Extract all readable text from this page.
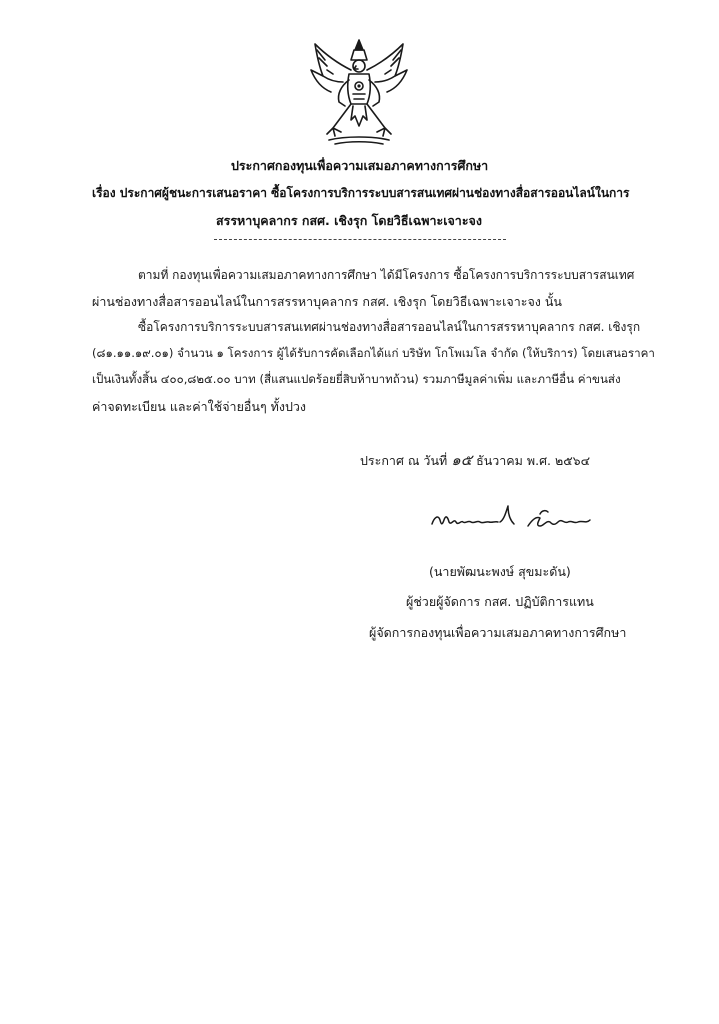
ประกาศกองทุนเพื่อความเสมอภาคทางการศึกษา
เรื่อง ประกาศผู้ชนะการเสนอราคา ซื้อโครงการบริการระบบสารสนเทศผ่านช่องทางสื่อสารออนไลน์ในการ
สรรหาบุคลากร กสศ. เชิงรุก โดยวิธีเฉพาะเจาะจง
ตามที่ กองทุนเพื่อความเสมอภาคทางการศึกษา ได้มีโครงการ ซื้อโครงการบริการระบบสารสนเทศ
ผ่านช่องทางสื่อสารออนไลน์ในการสรรหาบุคลากร กสศ. เชิงรุก โดยวิธีเฉพาะเจาะจง นั้น
ซื้อโครงการบริการระบบสารสนเทศผ่านช่องทางสื่อสารออนไลน์ในการสรรหาบุคลากร กสศ. เชิงรุก
(๘๑.๑๑.๑๙.๐๑) จำนวน ๑ โครงการ ผู้ได้รับการคัดเลือกได้แก่ บริษัท โกโพเมโล จำกัด (ให้บริการ) โดยเสนอราคา
เป็นเงินทั้งสิ้น ๔๐๐,๘๒๕.๐๐ บาท (สี่แสนแปดร้อยยี่สิบห้าบาทถ้วน) รวมภาษีมูลค่าเพิ่ม และภาษีอื่น ค่าขนส่ง
ค่าจดทะเบียน และค่าใช้จ่ายอื่นๆ ทั้งปวง
ประกาศ ณ วันที่ ๑๕ ธันวาคม พ.ศ. ๒๕๖๔
(นายพัฒนะพงษ์ สุขมะดัน)
ผู้ช่วยผู้จัดการ กสศ. ปฏิบัติการแทน
ผู้จัดการกองทุนเพื่อความเสมอภาคทางการศึกษา
